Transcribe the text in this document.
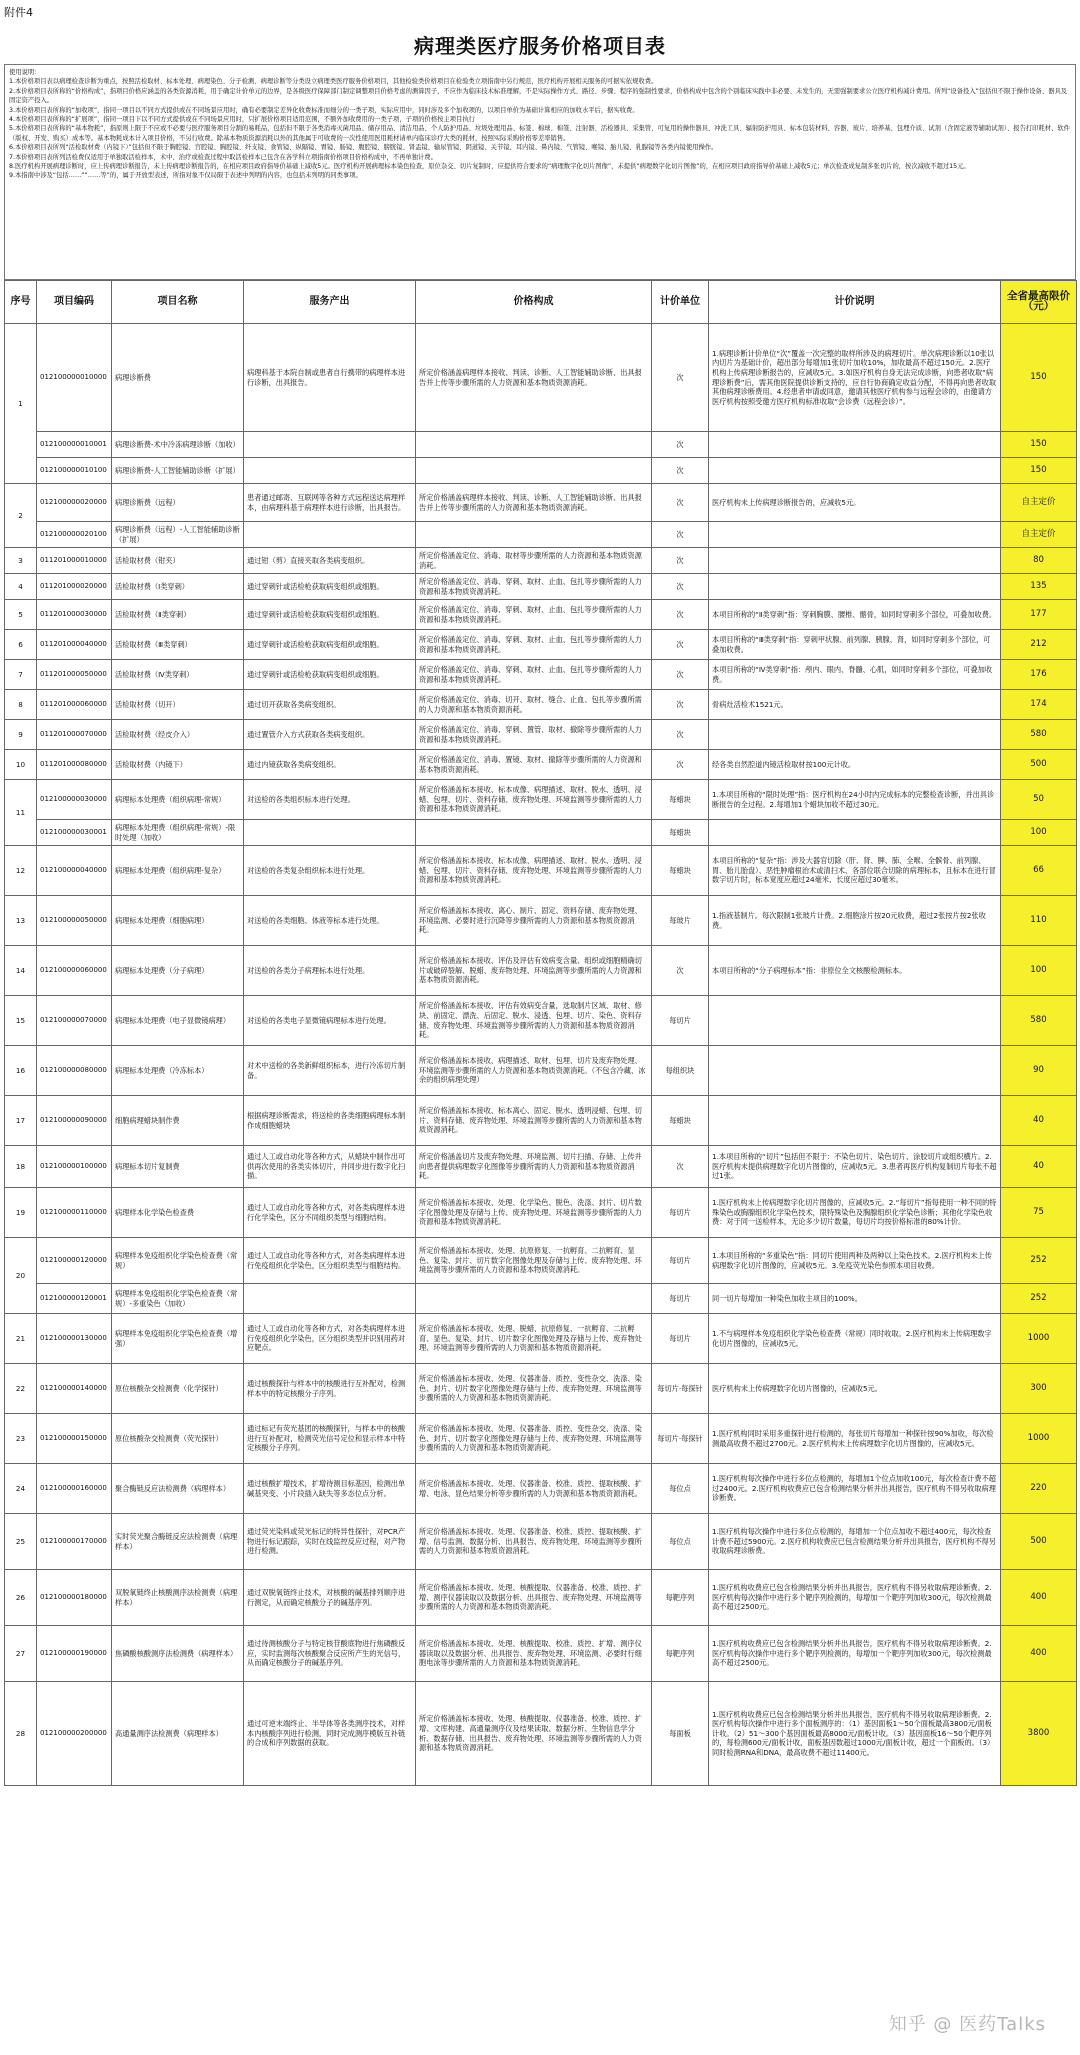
附件4
病理类医疗服务价格项目表

使用说明：

1.本价格项目表以病理检查诊断为重点，按照活检取材、标本处理、病理染色、分子检测、病理诊断等分类设立病理类医疗服务价格项目，其他检验类价格项目在检验类立项指南中另行规范，医疗机构开展相关服务的可据实依规收费。

2.本价格项目表所称的“价格构成”，指项目价格应涵盖的各类资源消耗，用于确定计价单元的边界，是各级医疗保障部门制定调整项目价格考虑的测算因子，不应作为临床技术标准理解，不是实际操作方式、路径、步骤、程序的强制性要求，价格构成中包含的个别临床实践中非必要、未发生的，无需强制要求公立医疗机构减计费用。所列“设备投入”包括但不限于操作设备、器具及固定资产投入。

3.本价格项目表所称的“加收项”，指同一项目以不同方式提供或在不同场景应用时，确有必要制定差异化收费标准而细分的一类子项，实际应用中，同时涉及多个加收项的，以项目单价为基础计算相应的加收水平后，据实收费。

4.本价格项目表所称的“扩展项”，指同一项目下以不同方式提供或在不同场景应用时，只扩展价格项目适用范围，不额外加收费用的一类子项，子项的价格按主项目执行

5.本价格项目表所称的“基本物耗”，指原则上限于不应或不必要与医疗服务项目分割的易耗品，包括但不限于各类消毒灭菌用品、储存用品、清洁用品、个人防护用品、垃圾处理用品、标签、棉球、棉签、注射器、活检器具、采集管、可复用的操作器具、冲洗工具、辐射防护用具、标本包装材料、容器、玻片、培养基、包埋介质、试剂（含固定液等辅助试剂）、报告打印耗材、软件（版权、开发、购买）成本等。基本物耗成本计入项目价格，不另行收费。除基本物质资源消耗以外的其他属于可收费的一次性使用医用耗材请单内临床诊疗大类的耗材，按照实际采购价格零差率销售。

6.本价格项目表所列“活检取材费（内镜下）”包括但不限于胸腔镜、宫腔镜、胸腔镜、纤支镜、食管镜、纵隔镜、胃镜、肠镜、腹腔镜、膀胱镜、肾盂镜、输尿管镜、阴道镜、关节镜、耳内镜、鼻内镜、气管镜、喉镜、胎儿镜、乳腺镜等各类内镜使用操作。

7.本价格项目表所列活检费仅适用于单独取活检样本，术中、治疗或检查过程中取活检样本已包含在各学科立项指南价格项目价格构成中，不再单独计费。

8.医疗机构开展病理诊断时，应上传病理诊断报告，未上传病理诊断报告的，在相应项目政府指导价基础上减收5元。医疗机构开展病理标本染色检查，原位杂交、切片复制时，应提供符合要求的“病理数字化切片图像”，未提供“病理数字化切片图像”的，在相应项目政府指导价基础上减收5元；单次检查成复制多张切片的，按次减收不超过15元。

9.本指南中涉及“包括……”“……等”的，属于开放型表述，所指对象不仅局限于表述中列明的内容，也包括未列明的同类事项。

序号	项目编码	项目名称	服务产出	价格构成	计价单位	计价说明	全省最高限价（元）
1	012100000010000	病理诊断费	病理科基于本院自制或患者自行携带的病理样本进行诊断，出具报告。	所定价格涵盖病理样本接收、判读、诊断、人工智能辅助诊断、出具报告并上传等步骤所需的人力资源和基本物质资源消耗。	次	1.病理诊断计价单位“次”覆盖一次完整的取样所涉及的病理切片。单次病理诊断以10张以内切片为基础计价，超出部分每增加1张切片加收10%，加收最高不超过150元。2.医疗机构上传病理诊断报告的，应减收5元。3.如医疗机构自身无法完成诊断，向患者收取“病理诊断费”后，需其他医院提供诊断支持的，应自行协商确定收益分配，不得再向患者收取其他病理诊断费用。4.经患者申请或同意，邀请其他医疗机构参与远程会诊的，由邀请方医疗机构按照受邀方医疗机构标准收取“会诊费（远程会诊）”。	150
	012100000010001	病理诊断费-术中冷冻病理诊断（加收）			次		150
	012100000010100	病理诊断费-人工智能辅助诊断（扩展）			次		150
2	012100000020000	病理诊断费（远程）	患者通过邮寄、互联网等各种方式远程送达病理样本，由病理科基于病理样本进行诊断，出具报告。	所定价格涵盖病理样本接收、判读、诊断、人工智能辅助诊断、出具报告并上传等步骤所需的人力资源和基本物质资源消耗。	次	医疗机构未上传病理诊断报告的，应减收5元。	自主定价
	012100000020100	病理诊断费（远程）-人工智能辅助诊断（扩展）			次		自主定价
3	011201000010000	活检取材费（钳夹）	通过钳（剪）直接夹取各类病变组织。	所定价格涵盖定位、消毒、取材等步骤所需的人力资源和基本物质资源消耗。	次		80
4	011201000020000	活检取材费（Ⅰ类穿刺）	通过穿刺针或活检枪获取病变组织或细胞。	所定价格涵盖定位、消毒、穿刺、取材、止血、包扎等步骤所需的人力资源和基本物质资源消耗。	次		135
5	011201000030000	活检取材费（Ⅱ类穿刺）	通过穿刺针或活检枪获取病变组织或细胞。	所定价格涵盖定位、消毒、穿刺、取材、止血、包扎等步骤所需的人力资源和基本物质资源消耗。	次	本项目所称的“Ⅱ类穿刺”指：穿刺胸膜、腰椎、髂骨，如同时穿刺多个部位，可叠加收费。	177
6	011201000040000	活检取材费（Ⅲ类穿刺）	通过穿刺针或活检枪获取病变组织或细胞。	所定价格涵盖定位、消毒、穿刺、取材、止血、包扎等步骤所需的人力资源和基本物质资源消耗。	次	本项目所称的“Ⅲ类穿刺”指：穿刺甲状腺、前列腺、胰腺、肾，如同时穿刺多个部位，可叠加收费。	212
7	011201000050000	活检取材费（Ⅳ类穿刺）	通过穿刺针或活检枪获取病变组织或细胞。	所定价格涵盖定位、消毒、穿刺、取材、止血、包扎等步骤所需的人力资源和基本物质资源消耗。	次	本项目所称的“Ⅳ类穿刺”指：颅内、眼内、脊髓、心肌，如同时穿刺多个部位，可叠加收费。	176
8	011201000060000	活检取材费（切开）	通过切开获取各类病变组织。	所定价格涵盖定位、消毒、切开、取材、缝合、止血、包扎等步骤所需的人力资源和基本物质资源消耗。	次	骨病灶活检术1521元。	174
9	011201000070000	活检取材费（经皮介入）	通过置管介入方式获取各类病变组织。	所定价格涵盖定位、消毒、穿刺、置管、取材、撤除等步骤所需的人力资源和基本物质资源消耗。	次		580
10	011201000080000	活检取材费（内镜下）	通过内镜获取各类病变组织。	所定价格涵盖定位、消毒、置镜、取材、撤除等步骤所需的人力资源和基本物质资源消耗。	次	经各类自然腔道内镜活检取材按100元计收。	500
11	012100000030000	病理标本处理费（组织病理-常规）	对送检的各类组织标本进行处理。	所定价格涵盖标本接收、标本成像、病理描述、取材、脱水、透明、浸蜡、包埋、切片、资料存储、废弃物处理、环境监测等步骤所需的人力资源和基本物质资源消耗。	每蜡块	1.本项目所称的“限时处理”指：医疗机构在24小时内完成标本的完整检查诊断，并出具诊断报告的全过程。2.每增加1个蜡块加收不超过30元。	50
	012100000030001	病理标本处理费（组织病理-常规）-限时处理（加收）			每蜡块		100
12	012100000040000	病理标本处理费（组织病理-复杂）	对送检的各类复杂组织标本进行处理。	所定价格涵盖标本接收、标本成像、病理描述、取材、脱水、透明、浸蜡、包埋、切片、资料存储、废弃物处理、环境监测等步骤所需的人力资源和基本物质资源消耗。	每蜡块	本项目所称的“复杂”指：涉及大器官切除（肝、肾、脾、肺、全喉、全髌骨、前列腺、胃、胎儿胎盘）、恶性肿瘤根治术或清扫术、各部位联合切除的病理标本，且标本在进行冒数字切片时，标本宽度应超过24毫米、长度应超过30毫米。	66
13	012100000050000	病理标本处理费（细胞病理）	对送检的各类细胞、体液等标本进行处理。	所定价格涵盖标本接收、离心、制片、固定、资料存储、废弃物处理、环境监测、必要时进行沉降等步骤所需的人力资源和基本物质资源消耗。	每玻片	1.指液基制片。每次限制1张玻片计费。2.细胞涂片按20元收费，超过2张按片按2张收费。	110
14	012100000060000	病理标本处理费（分子病理）	对送检的各类分子病理标本进行处理。	所定价格涵盖标本接收、评估及评估有效病变含量、组织或细胞精确切片或破碎裂解、脱蜡、废弃物处理、环境监测等步骤所需的人力资源和基本物质资源消耗。	次	本项目所称的“分子病理标本”指：非原位全文核酸检测标本。	100
15	012100000070000	病理标本处理费（电子显微镜病理）	对送检的各类电子显微镜病理标本进行处理。	所定价格涵盖标本接收、评估有效病变含量，选取制片区域、取材、修块、前固定、漂洗、后固定、脱水、浸透、包埋、切片、染色、资料存储、废弃物处理、环境监测等步骤所需的人力资源和基本物质资源消耗。	每切片		580
16	012100000080000	病理标本处理费（冷冻标本）	对术中送检的各类新鲜组织标本，进行冷冻切片制备。	所定价格涵盖标本接收、病理描述、取材、包埋、切片及废弃物处理、环境监测等步骤所需的人力资源和基本物质资源消耗。（不包含冷藏、冰余的组织病理处理）	每组织块		90
17	012100000090000	细胞病理蜡块制作费	根据病理诊断需求，将送检的各类细胞病理标本制作成细胞蜡块	所定价格涵盖标本接收、标本离心、固定、脱水、透明浸蜡、包埋、切片、资料存储、废弃物处理、环境监测等步骤所需的人力资源和基本物质资源消耗。	每蜡块		40
18	012100000100000	病理标本切片复制费	通过人工或自动化等各种方式，从蜡块中制作出可供再次使用的各类实体切片，并同步进行数字化扫描。	所定价格涵盖切片及废弃物处理、环境监测、切片扫描、存储、上传并向患者提供病理数字化图像等步骤所需的人力资源和基本物质资源消耗。	次	1.本项目所称的“切片”包括但不限于：不染色切片、染色切片、涂胶切片或组织横片。2.医疗机构未提供病理数字化切片图像的，应减收5元。3.患者再医疗机构复制切片每张不超过1张。	40
19	012100000110000	病理样本化学染色检查费	通过人工或自动化等各种方式，对各类病理样本进行化学染色，区分不同组织类型与细胞结构。	所定价格涵盖标本接收、处理、化学染色、脱色、洗涤、封片、切片数字化图像处理及存储与上传、废弃物处理、环境监测等步骤所需的人力资源和基本物质资源消耗。	每切片	1.医疗机构未上传病理数字化切片图像的，应减收5元。2.“每切片”指每使用一种不同的特殊染色或胸腺组织化学染色技术，限特殊染色及胸腺组织化学染色诊断；其他化学染色收费：对于同一送检样本，无论多少切片数量，每切片均按价格标准的80%计价。	75
20	012100000120000	病理样本免疫组织化学染色检查费（常规）	通过人工或自动化等各种方式，对各类病理样本进行免疫组织化学染色，区分组织类型与细胞结构。	所定价格涵盖标本接收、处理、抗原修复、一抗孵育、二抗孵育、显色、复染、封片、切片数字化图像处理及存储与上传、废弃物处理、环境监测等步骤所需的人力资源和基本物质资源消耗。	每切片	1.本项目所称的“多重染色”指：同切片使用两种及两种以上染色技术。2.医疗机构未上传病理数字化切片图像的，应减收5元。3.免疫荧光染色参照本项目收费。	252
	012100000120001	病理样本免疫组织化学染色检查费（常规）-多重染色（加收）			每切片	同一切片每增加一种染色加收主项目的100%。	252
21	012100000130000	病理样本免疫组织化学染色检查费（增强）	通过人工或自动化等各种方式，对各类病理样本进行免疫组织化学染色，区分组织类型并识别用药对应靶点。	所定价格涵盖标本接收、处理、脱蜡、抗原修复、一抗孵育、二抗孵育、显色、复染、封片、切片数字化图像处理及存储与上传、废弃物处理、环境监测等步骤所需的人力资源和基本物质资源消耗。	每切片	1.不与病理样本免疫组织化学染色检查费（常规）同时收取。2.医疗机构未上传病理数字化切片图像的，应减收5元。	1000
22	012100000140000	原位核酸杂交检测费（化学探针）	通过核酸探针与样本中的核酸进行互补配对，检测样本中的特定核酸分子序列。	所定价格涵盖标本接收、处理、仪器准备、质控、变性杂交、洗涤、染色、封片、切片数字化图像处理存储与上传、废弃物处理、环境监测等步骤所需的人力资源和基本物质资源消耗。	每切片·每探针	医疗机构未上传病理数字化切片图像的，应减收5元。	300
23	012100000150000	原位核酸杂交检测费（荧光探针）	通过标记有荧光基团的核酸探针，与样本中的核酸进行互补配对，检测荧光信号定位和显示样本中特定核酸分子序列。	所定价格涵盖标本接收、处理、仪器准备、质控、变性杂交、洗涤、染色、封片、切片数字化图像处理存储与上传、废弃物处理、环境监测等步骤所需的人力资源和基本物质资源消耗。	每切片·每探针	1.医疗机构同时采用多重探针进行检测的，每张切片每增加一种探针按90%加收，每次检测最高收费不超过2700元。2.医疗机构未上传病理数字化切片图像的，应减收5元。	1000
24	012100000160000	聚合酶链反应法检测费（病理样本）	通过核酸扩增技术，扩增待测目标基因，检测出单碱基突变、小片段插入缺失等多态位点分析。	所定价格涵盖标本接收、处理、仪器准备、校准、质控、提取核酸、扩增、电泳、显色结果分析等步骤所需的人力资源和基本物质资源消耗。	每位点	1.医疗机构每次操作中进行多位点检测的，每增加1个位点加收100元，每次检查计费不超过2400元。2.医疗机构收费应已包含检测结果分析并出具报告，医疗机构不得另收取病理诊断费。	220
25	012100000170000	实时荧光聚合酶链反应法检测费（病理样本）	通过荧光染料或荧光标记的特异性探针，对PCR产物进行标记跟踪，实时在线监控反应过程，对产物进行检测。	所定价格涵盖标本接收、处理、仪器准备、校准、质控、提取核酸、扩增、信号监测、数据分析、出具报告、废弃物处理、环境监测等步骤所需的人力资源和基本物质资源消耗。	每位点	1.医疗机构每次操作中进行多位点检测的，每增加一个位点加收不超过400元，每次检查计费不超过5900元。2.医疗机构收费应已包含检测结果分析并出具报告，医疗机构不得另收取病理诊断费。	500
26	012100000180000	双脱氧链终止核酸测序法检测费（病理样本）	通过双脱氧链终止技术，对核酸的碱基排列顺序进行测定，从而确定核酸分子的碱基序列。	所定价格涵盖标本接收、处理、核酸提取、仪器准备、校准、质控、扩增、测序仪器读取以及数据分析、出具报告、废弃物处理、环境监测等步骤所需的人力资源和基本物质资源消耗。	每靶序列	1.医疗机构收费应已包含检测结果分析并出具报告，医疗机构不得另收取病理诊断费。2.医疗机构每次操作中进行多个靶序列检测的，每增加一个靶序列加收300元，每次检测最高不超过2500元。	400
27	012100000190000	焦磷酸核酸测序法检测费（病理样本）	通过待测核酸分子与特定核苷酸底物进行焦磷酸反应，实时监测每次核酸聚合反应所产生的光信号，从而确定核酸分子的碱基序列。	所定价格涵盖标本接收、处理、核酸提取、校准、质控、扩增、测序仪器读取以及数据分析、出具报告、废弃物处理、环境监测、必要时行细胞电泳等步骤所需的人力资源和基本物质资源消耗。	每靶序列	1.医疗机构收费应已包含检测结果分析并出具报告，医疗机构不得另收取病理诊断费。2.医疗机构每次操作中进行多个靶序列检测的，每增加一个靶序列加收300元，每次检测最高不超过2500元。	400
28	012100000200000	高通量测序法检测费（病理样本）	通过可逆末端终止、半导体等各类测序技术，对样本内核酸序列进行检测，同时完成测序模版互补链的合成和序列数据的获取。	所定价格涵盖标本接收、处理、核酸提取、仪器准备、校准、质控、扩增、文库构建、高通量测序仪及结果读取、数据分析、生物信息学分析、数据存储、出具报告、废弃物处理、环境监测等步骤所需的人力资源和基本物质资源消耗。	每面板	1.医疗机构收费应已包含检测结果分析并出具报告，医疗机构不得另收取病理诊断费。2.医疗机构每次操作中进行多个面板测序的：（1）基因面板1～50个面板最高3800元/面板计收。（2）51～300个基因面板最高8000元/面板计收。（3）基因面板16～50个靶序列的，每检测600元/面板计收，面板基因数超过1000元/面板计收，超过一个面板的。（3）同时检测RNA和DNA，最高收费不超过11400元。	3800
知乎 @ 医药Talks
